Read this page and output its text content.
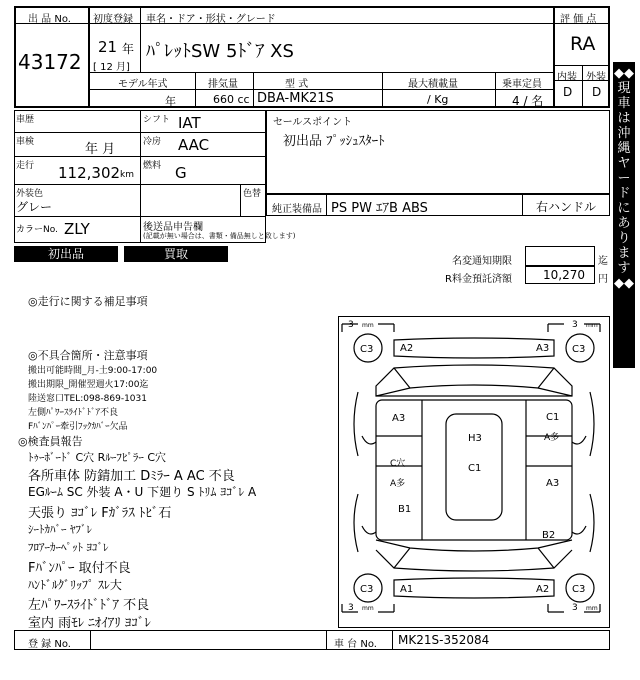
出 品 No.
43172
初度登録
21 年
[ 12 月]
車名・ドア・形状・グレード
ﾊﾟﾚｯﾄSW 5ﾄﾞｱ XS
評 価 点
RA
内装 外装
D D
モデル年式	排気量	型 式	最大積載量	乗車定員
年	660 cc DBA-MK21S	/ Kg	4 / 名
車歴	シフト IAT
車検	年 月	冷房 AAC
走行 112,302 km
燃料 G
外装色
グレー
色替
カラーNo. ZLY	後送品申告欄
(記載が無い場合は、書類・備品無しと致します)
セールスポイント
初出品 ﾌﾟｯｼｭｽﾀｰﾄ
純正装備品 PS PW ｴｱB ABS	右ハンドル
初出品	買取
名変通知期限	迄
R料金預託済額	10,270 円
◎走行に関する補足事項
◎不具合箇所・注意事項
搬出可能時間_月-土9:00-17:00
搬出期限_開催翌週火17:00迄
陸送窓口TEL:098-869-1031
左側ﾊﾟﾜｰｽﾗｲﾄﾞﾄﾞｱ不良
Fﾊﾞﾝﾊﾟｰ牽引ﾌｯｸｶﾊﾞｰ欠品
◎検査員報告
ﾄｩｰﾎﾞｰﾄﾞ C穴 Rﾙｰﾌﾋﾟﾗｰ C穴
各所車体 防錆加工 Dﾐﾗｰ A AC 不良
EGﾙｰﾑ SC 外装 A・U 下廻り S ﾄﾘﾑ ﾖｺﾞﾚ A
天張り ﾖｺﾞﾚ Fｶﾞﾗｽ ﾄﾋﾞ石
ｼｰﾄｶﾊﾞｰ ﾔﾌﾞﾚ
ﾌﾛｱｰｶｰﾍﾟｯﾄ ﾖｺﾞﾚ
Fﾊﾞﾝﾊﾟｰ 取付不良
ﾊﾝﾄﾞﾙｸﾞﾘｯﾌﾟ ｽﾚ大
左ﾊﾟﾜｰｽﾗｲﾄﾞﾄﾞｱ 不良
室内 雨ﾓﾚ ﾆｵｲｱﾘ ﾖｺﾞﾚ
3 mm	3 mm
3 mm	3 mm
C3	C3
A2	A3
A3	C1
A多
H3
C1
C穴
A多	A3
B1
B2
C3	C3
A1	A2
◆◆現車は沖縄ヤードにあります◆◆
登 録 No.	車 台 No. MK21S-352084
